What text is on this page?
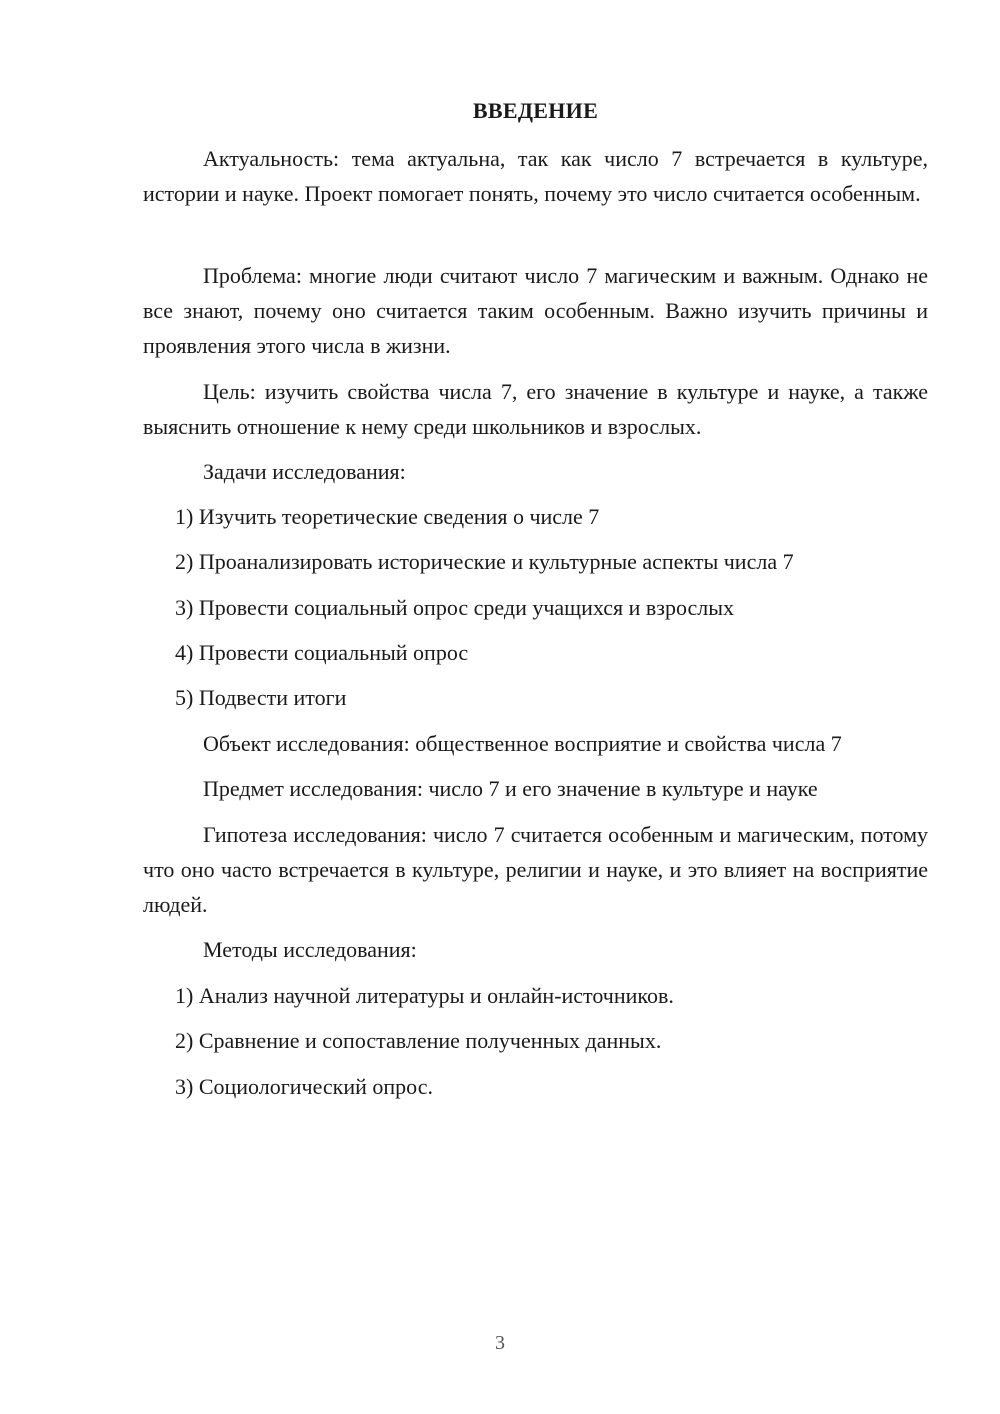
ВВЕДЕНИЕ

Актуальность: тема актуальна, так как число 7 встречается в культуре, истории и науке. Проект помогает понять, почему это число считается особенным.

Проблема: многие люди считают число 7 магическим и важным. Однако не все знают, почему оно считается таким особенным. Важно изучить причины и проявления этого числа в жизни.

Цель: изучить свойства числа 7, его значение в культуре и науке, а также выяснить отношение к нему среди школьников и взрослых.

Задачи исследования:

1) Изучить теоретические сведения о числе 7

2) Проанализировать исторические и культурные аспекты числа 7

3) Провести социальный опрос среди учащихся и взрослых

4) Провести социальный опрос

5) Подвести итоги

Объект исследования: общественное восприятие и свойства числа 7

Предмет исследования: число 7 и его значение в культуре и науке

Гипотеза исследования: число 7 считается особенным и магическим, потому что оно часто встречается в культуре, религии и науке, и это влияет на восприятие людей.

Методы исследования:

1) Анализ научной литературы и онлайн-источников.

2) Сравнение и сопоставление полученных данных.

3) Социологический опрос.

3
